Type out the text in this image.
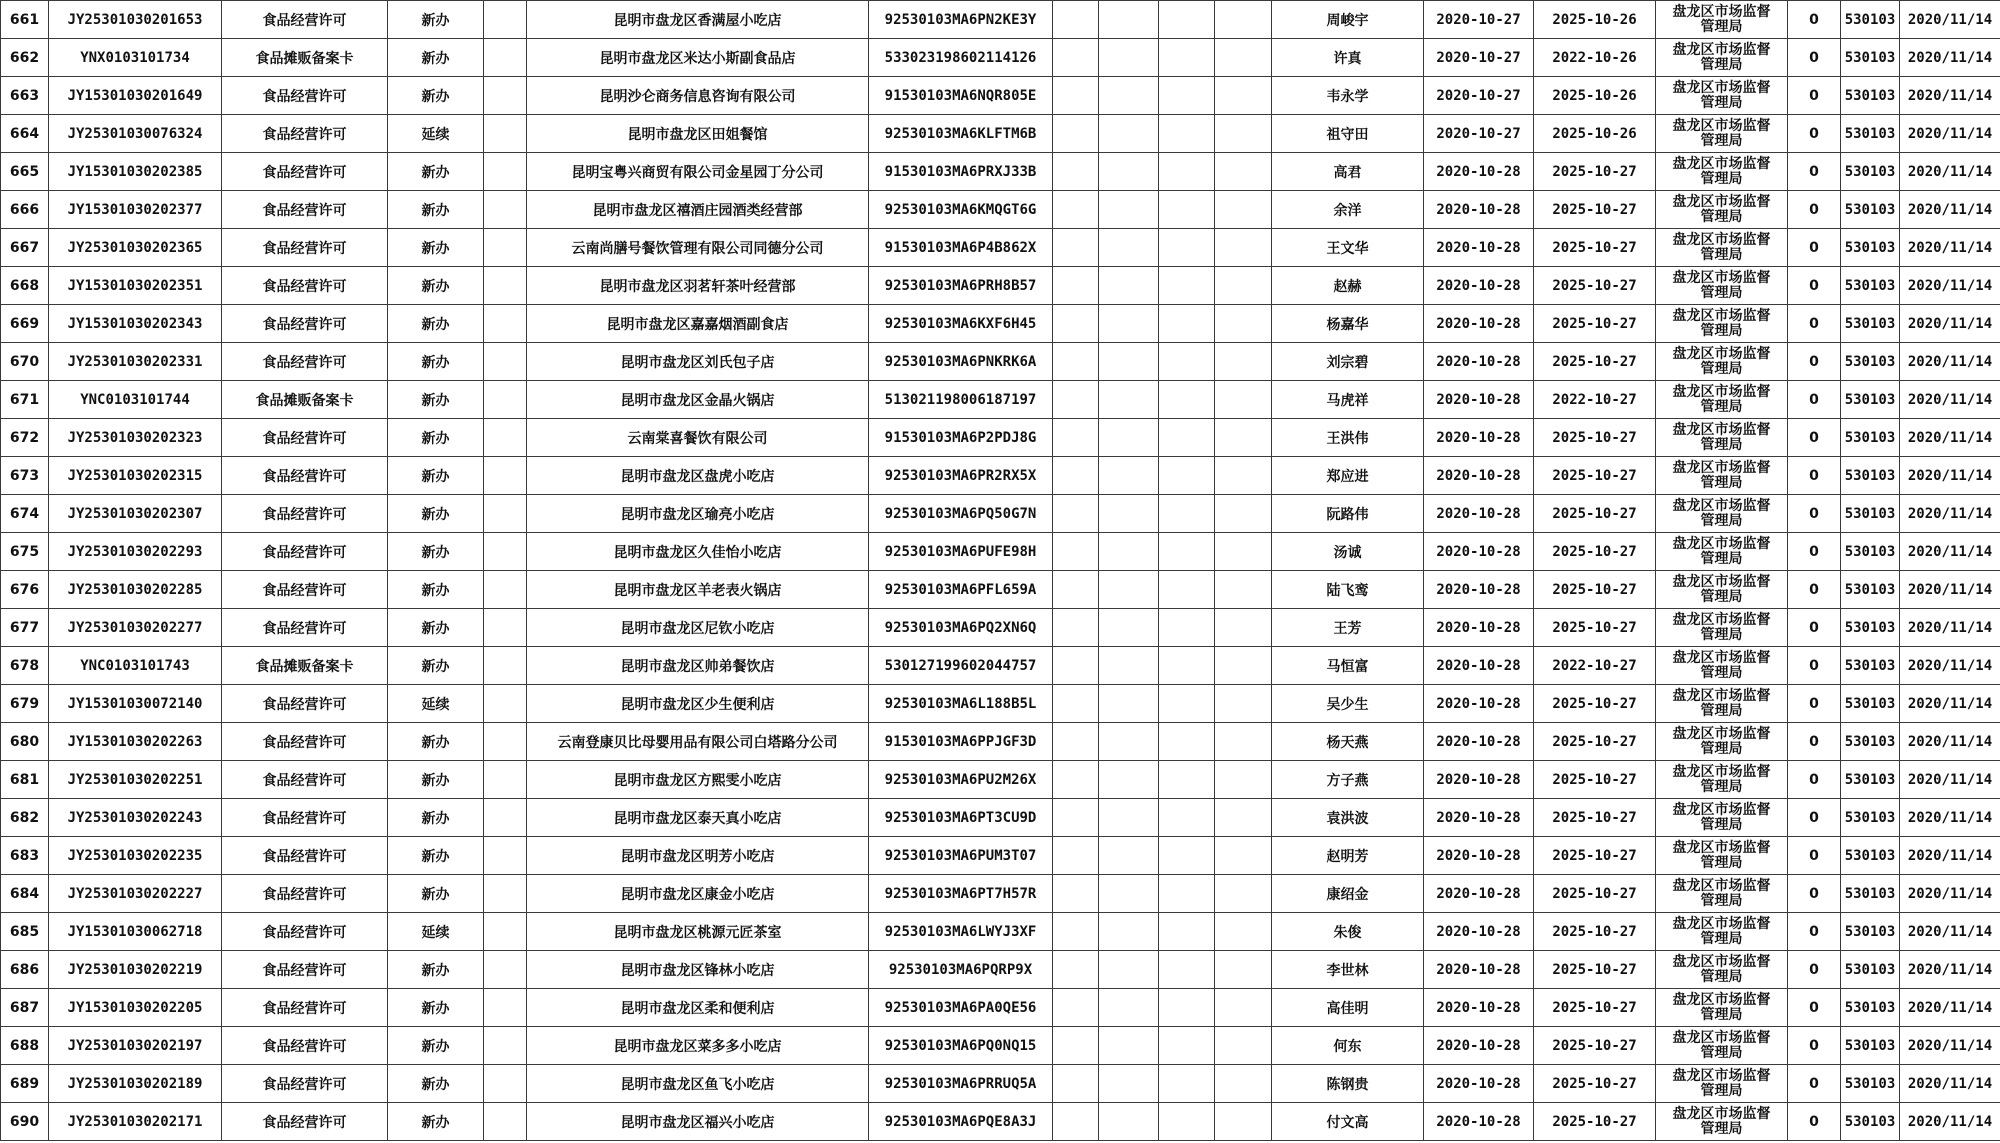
661	JY25301030201653	食品经营许可	新办		昆明市盘龙区香满屋小吃店	92530103MA6PN2KE3Y					周峻宇	2020-10-27	2025-10-26	盘龙区市场监督
管理局	0	530103	2020/11/14
662	YNX0103101734	食品摊贩备案卡	新办		昆明市盘龙区米达小斯副食品店	533023198602114126					许真	2020-10-27	2022-10-26	盘龙区市场监督
管理局	0	530103	2020/11/14
663	JY15301030201649	食品经营许可	新办		昆明沙仑商务信息咨询有限公司	91530103MA6NQR805E					韦永学	2020-10-27	2025-10-26	盘龙区市场监督
管理局	0	530103	2020/11/14
664	JY25301030076324	食品经营许可	延续		昆明市盘龙区田姐餐馆	92530103MA6KLFTM6B					祖守田	2020-10-27	2025-10-26	盘龙区市场监督
管理局	0	530103	2020/11/14
665	JY15301030202385	食品经营许可	新办		昆明宝粤兴商贸有限公司金星园丁分公司	91530103MA6PRXJ33B					高君	2020-10-28	2025-10-27	盘龙区市场监督
管理局	0	530103	2020/11/14
666	JY15301030202377	食品经营许可	新办		昆明市盘龙区禧酒庄园酒类经营部	92530103MA6KMQGT6G					余洋	2020-10-28	2025-10-27	盘龙区市场监督
管理局	0	530103	2020/11/14
667	JY25301030202365	食品经营许可	新办		云南尚膳号餐饮管理有限公司同德分公司	91530103MA6P4B862X					王文华	2020-10-28	2025-10-27	盘龙区市场监督
管理局	0	530103	2020/11/14
668	JY15301030202351	食品经营许可	新办		昆明市盘龙区羽茗轩茶叶经营部	92530103MA6PRH8B57					赵赫	2020-10-28	2025-10-27	盘龙区市场监督
管理局	0	530103	2020/11/14
669	JY15301030202343	食品经营许可	新办		昆明市盘龙区嘉嘉烟酒副食店	92530103MA6KXF6H45					杨嘉华	2020-10-28	2025-10-27	盘龙区市场监督
管理局	0	530103	2020/11/14
670	JY25301030202331	食品经营许可	新办		昆明市盘龙区刘氏包子店	92530103MA6PNKRK6A					刘宗碧	2020-10-28	2025-10-27	盘龙区市场监督
管理局	0	530103	2020/11/14
671	YNC0103101744	食品摊贩备案卡	新办		昆明市盘龙区金晶火锅店	513021198006187197					马虎祥	2020-10-28	2022-10-27	盘龙区市场监督
管理局	0	530103	2020/11/14
672	JY25301030202323	食品经营许可	新办		云南棠喜餐饮有限公司	91530103MA6P2PDJ8G					王洪伟	2020-10-28	2025-10-27	盘龙区市场监督
管理局	0	530103	2020/11/14
673	JY25301030202315	食品经营许可	新办		昆明市盘龙区盘虎小吃店	92530103MA6PR2RX5X					郑应进	2020-10-28	2025-10-27	盘龙区市场监督
管理局	0	530103	2020/11/14
674	JY25301030202307	食品经营许可	新办		昆明市盘龙区瑜亮小吃店	92530103MA6PQ50G7N					阮路伟	2020-10-28	2025-10-27	盘龙区市场监督
管理局	0	530103	2020/11/14
675	JY25301030202293	食品经营许可	新办		昆明市盘龙区久佳怡小吃店	92530103MA6PUFE98H					汤诚	2020-10-28	2025-10-27	盘龙区市场监督
管理局	0	530103	2020/11/14
676	JY25301030202285	食品经营许可	新办		昆明市盘龙区羊老表火锅店	92530103MA6PFL659A					陆飞鸾	2020-10-28	2025-10-27	盘龙区市场监督
管理局	0	530103	2020/11/14
677	JY25301030202277	食品经营许可	新办		昆明市盘龙区尼钦小吃店	92530103MA6PQ2XN6Q					王芳	2020-10-28	2025-10-27	盘龙区市场监督
管理局	0	530103	2020/11/14
678	YNC0103101743	食品摊贩备案卡	新办		昆明市盘龙区帅弟餐饮店	530127199602044757					马恒富	2020-10-28	2022-10-27	盘龙区市场监督
管理局	0	530103	2020/11/14
679	JY15301030072140	食品经营许可	延续		昆明市盘龙区少生便利店	92530103MA6L188B5L					吴少生	2020-10-28	2025-10-27	盘龙区市场监督
管理局	0	530103	2020/11/14
680	JY15301030202263	食品经营许可	新办		云南登康贝比母婴用品有限公司白塔路分公司	91530103MA6PPJGF3D					杨天燕	2020-10-28	2025-10-27	盘龙区市场监督
管理局	0	530103	2020/11/14
681	JY25301030202251	食品经营许可	新办		昆明市盘龙区方熙雯小吃店	92530103MA6PU2M26X					方子燕	2020-10-28	2025-10-27	盘龙区市场监督
管理局	0	530103	2020/11/14
682	JY25301030202243	食品经营许可	新办		昆明市盘龙区泰天真小吃店	92530103MA6PT3CU9D					袁洪波	2020-10-28	2025-10-27	盘龙区市场监督
管理局	0	530103	2020/11/14
683	JY25301030202235	食品经营许可	新办		昆明市盘龙区明芳小吃店	92530103MA6PUM3T07					赵明芳	2020-10-28	2025-10-27	盘龙区市场监督
管理局	0	530103	2020/11/14
684	JY25301030202227	食品经营许可	新办		昆明市盘龙区康金小吃店	92530103MA6PT7H57R					康绍金	2020-10-28	2025-10-27	盘龙区市场监督
管理局	0	530103	2020/11/14
685	JY15301030062718	食品经营许可	延续		昆明市盘龙区桃源元匠茶室	92530103MA6LWYJ3XF					朱俊	2020-10-28	2025-10-27	盘龙区市场监督
管理局	0	530103	2020/11/14
686	JY25301030202219	食品经营许可	新办		昆明市盘龙区锋林小吃店	92530103MA6PQRP9X					李世林	2020-10-28	2025-10-27	盘龙区市场监督
管理局	0	530103	2020/11/14
687	JY15301030202205	食品经营许可	新办		昆明市盘龙区柔和便利店	92530103MA6PA0QE56					高佳明	2020-10-28	2025-10-27	盘龙区市场监督
管理局	0	530103	2020/11/14
688	JY25301030202197	食品经营许可	新办		昆明市盘龙区菜多多小吃店	92530103MA6PQ0NQ15					何东	2020-10-28	2025-10-27	盘龙区市场监督
管理局	0	530103	2020/11/14
689	JY25301030202189	食品经营许可	新办		昆明市盘龙区鱼飞小吃店	92530103MA6PRRUQ5A					陈钢贵	2020-10-28	2025-10-27	盘龙区市场监督
管理局	0	530103	2020/11/14
690	JY25301030202171	食品经营许可	新办		昆明市盘龙区福兴小吃店	92530103MA6PQE8A3J					付文高	2020-10-28	2025-10-27	盘龙区市场监督
管理局	0	530103	2020/11/14
